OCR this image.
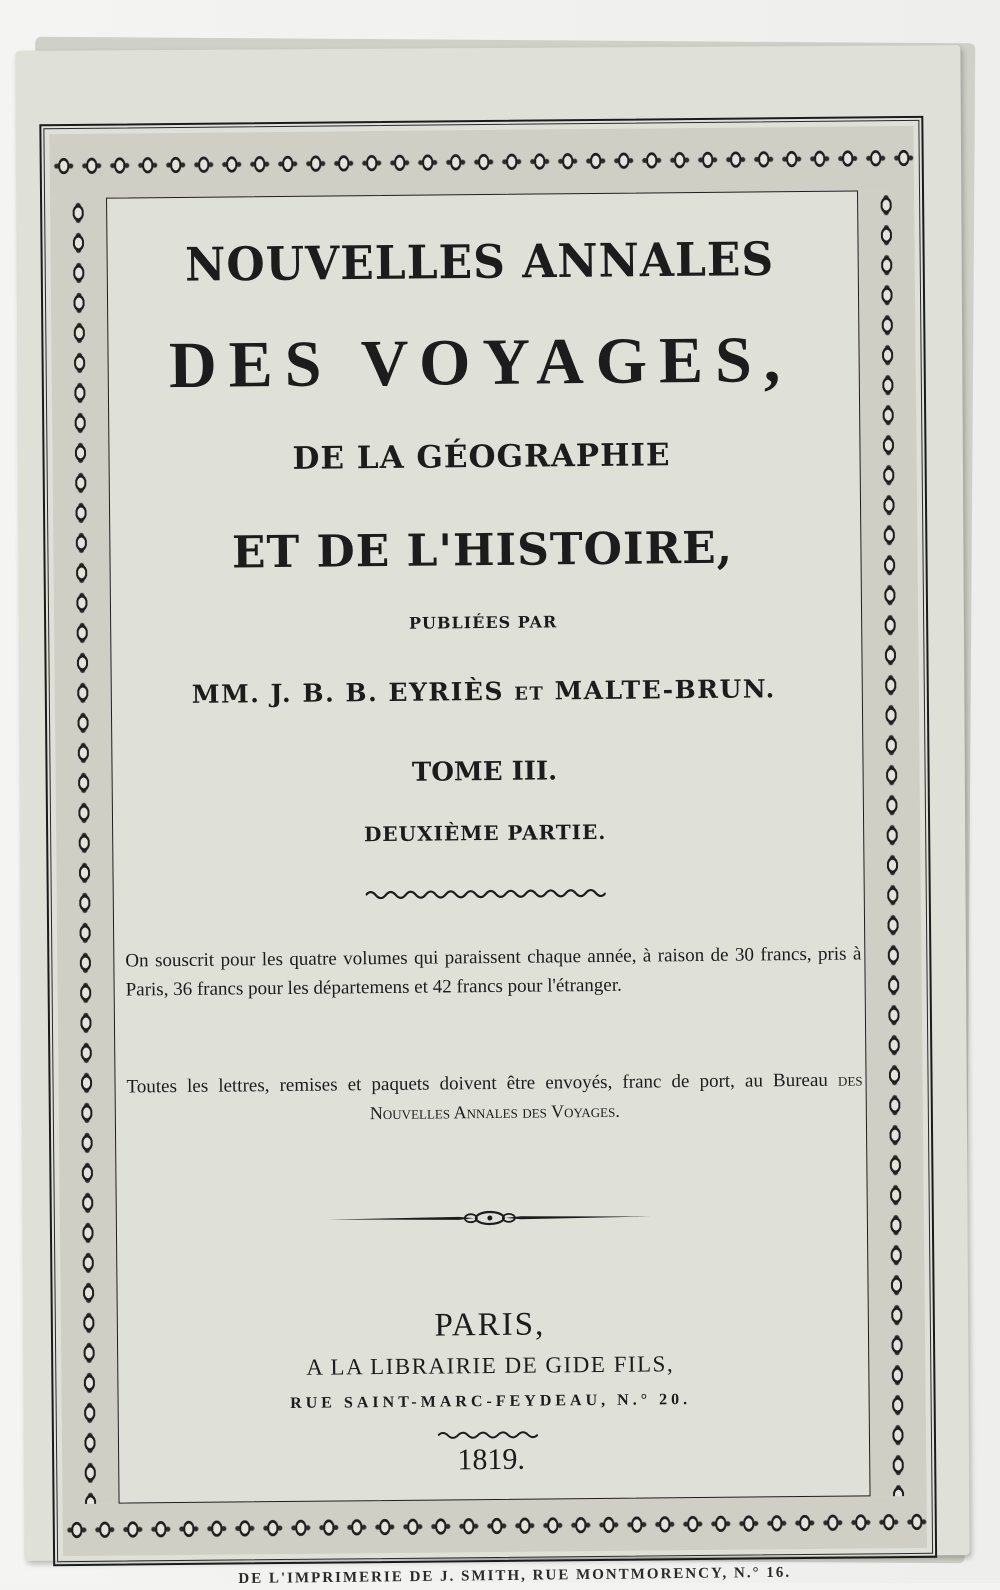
NOUVELLES ANNALES
DES VOYAGES,
DE LA GÉOGRAPHIE
ET DE L'HISTOIRE,
PUBLIÉES PAR
MM. J. B. B. EYRIÈS ET MALTE-BRUN.
TOME III.
DEUXIÈME PARTIE.
On souscrit pour les quatre volumes qui paraissent chaque année, à raison de 30 francs, pris à Paris, 36 francs pour les départemens et 42 francs pour l'étranger.
Toutes les lettres, remises et paquets doivent être envoyés, franc de port, au Bureau des Nouvelles Annales des Voyages.
PARIS,
A LA LIBRAIRIE DE GIDE FILS,
RUE SAINT-MARC-FEYDEAU, N.° 20.
1819.
DE L'IMPRIMERIE DE J. SMITH, RUE MONTMORENCY, N.° 16.
